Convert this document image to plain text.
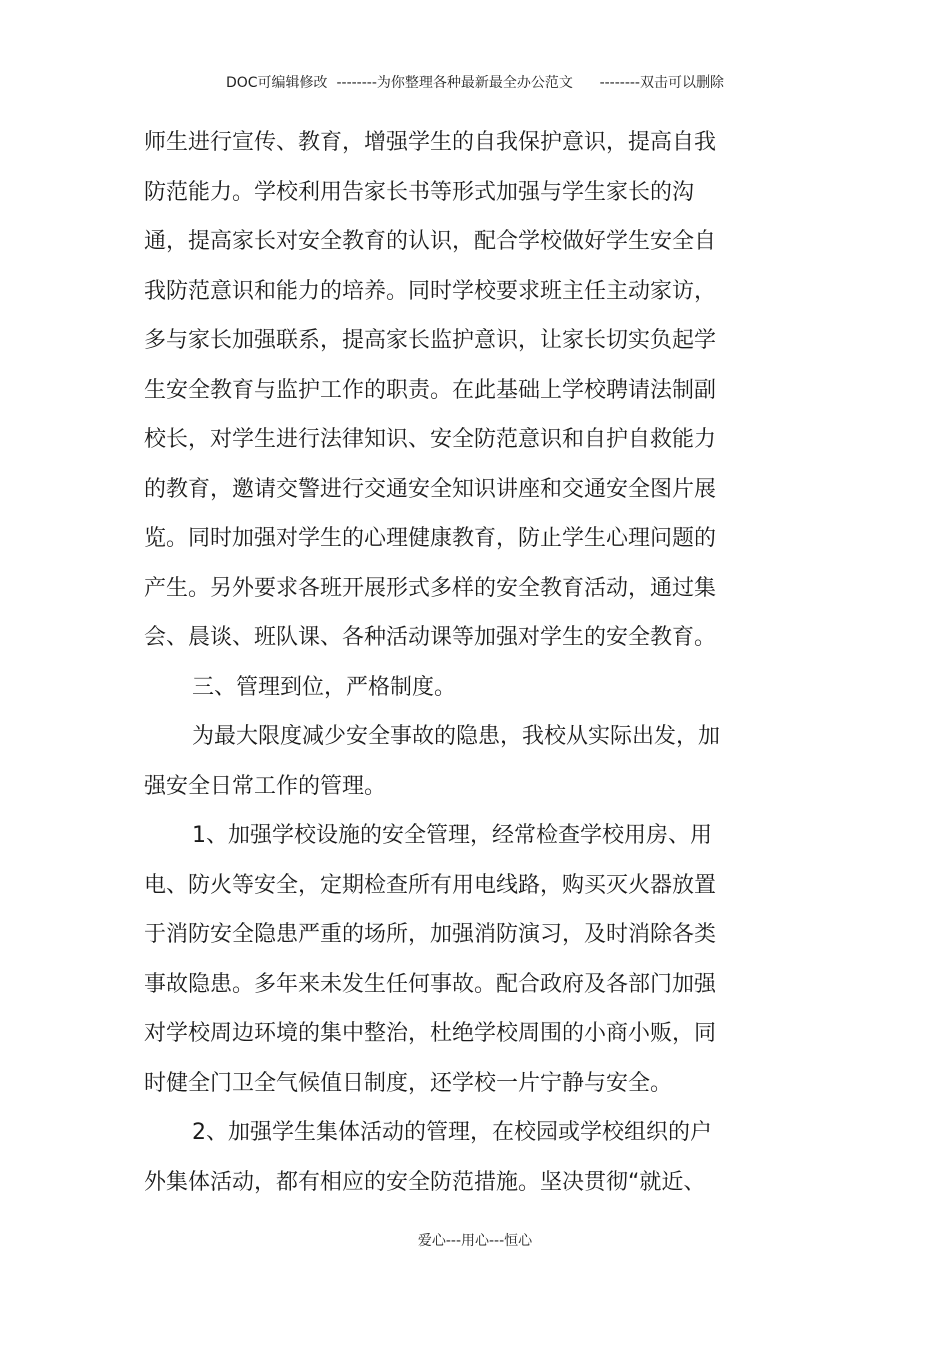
DOC可编辑修改  --------为你整理各种最新最全办公范文      --------双击可以删除
师生进行宣传、教育，增强学生的自我保护意识，提高自我
防范能力。学校利用告家长书等形式加强与学生家长的沟
通，提高家长对安全教育的认识，配合学校做好学生安全自
我防范意识和能力的培养。同时学校要求班主任主动家访，
多与家长加强联系，提高家长监护意识，让家长切实负起学
生安全教育与监护工作的职责。在此基础上学校聘请法制副
校长，对学生进行法律知识、安全防范意识和自护自救能力
的教育，邀请交警进行交通安全知识讲座和交通安全图片展
览。同时加强对学生的心理健康教育，防止学生心理问题的
产生。另外要求各班开展形式多样的安全教育活动，通过集
会、晨谈、班队课、各种活动课等加强对学生的安全教育。
三、管理到位，严格制度。
为最大限度减少安全事故的隐患，我校从实际出发，加
强安全日常工作的管理。
1、加强学校设施的安全管理，经常检查学校用房、用
电、防火等安全，定期检查所有用电线路，购买灭火器放置
于消防安全隐患严重的场所，加强消防演习，及时消除各类
事故隐患。多年来未发生任何事故。配合政府及各部门加强
对学校周边环境的集中整治，杜绝学校周围的小商小贩，同
时健全门卫全气候值日制度，还学校一片宁静与安全。
2、加强学生集体活动的管理，在校园或学校组织的户
外集体活动，都有相应的安全防范措施。坚决贯彻“就近、
爱心---用心---恒心
